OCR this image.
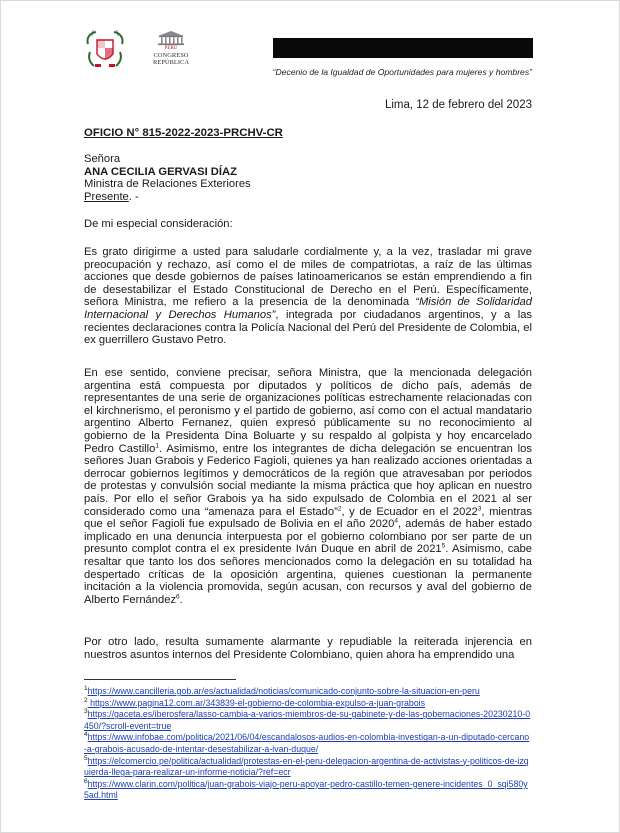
PERÚ
CONGRESO
REPÚBLICA
“Decenio de la Igualdad de Oportunidades para mujeres y hombres”
Lima, 12 de febrero del 2023
OFICIO N° 815-2022-2023-PRCHV-CR
Señora
ANA CECILIA GERVASI DÍAZ
Ministra de Relaciones Exteriores
Presente. -
De mi especial consideración:

Es grato dirigirme a usted para saludarle cordialmente y, a la vez, trasladar mi grave preocupación y rechazo, así como el de miles de compatriotas, a raíz de las últimas acciones que desde gobiernos de países latinoamericanos se están emprendiendo a fin de desestabilizar el Estado Constitucional de Derecho en el Perú. Específicamente, señora Ministra, me refiero a la presencia de la denominada “Misión de Solidaridad Internacional y Derechos Humanos”, integrada por ciudadanos argentinos, y a las recientes declaraciones contra la Policía Nacional del Perú del Presidente de Colombia, el ex guerrillero Gustavo Petro.

En ese sentido, conviene precisar, señora Ministra, que la mencionada delegación argentina está compuesta por diputados y políticos de dicho país, además de representantes de una serie de organizaciones políticas estrechamente relacionadas con el kirchnerismo, el peronismo y el partido de gobierno, así como con el actual mandatario argentino Alberto Fernanez, quien expresó públicamente su no reconocimiento al gobierno de la Presidenta Dina Boluarte y su respaldo al golpista y hoy encarcelado Pedro Castillo$^1$. Asimismo, entre los integrantes de dicha delegación se encuentran los señores Juan Grabois y Federico Fagioli, quienes ya han realizado acciones orientadas a derrocar gobiernos legítimos y democráticos de la región que atravesaban por periodos de protestas y convulsión social mediante la misma práctica que hoy aplican en nuestro país. Por ello el señor Grabois ya ha sido expulsado de Colombia en el 2021 al ser considerado como una “amenaza para el Estado”$^2$, y de Ecuador en el 2022$^3$, mientras que el señor Fagioli fue expulsado de Bolivia en el año 2020$^4$, además de haber estado implicado en una denuncia interpuesta por el gobierno colombiano por ser parte de un presunto complot contra el ex presidente Iván Duque en abril de 2021$^5$. Asimismo, cabe resaltar que tanto los dos señores mencionados como la delegación en su totalidad ha despertado críticas de la oposición argentina, quienes cuestionan la permanente incitación a la violencia promovida, según acusan, con recursos y aval del gobierno de Alberto Fernández$^6$.

Por otro lado, resulta sumamente alarmante y repudiable la reiterada injerencia en nuestros asuntos internos del Presidente Colombiano, quien ahora ha emprendido una

$^1$https://www.cancilleria.gob.ar/es/actualidad/noticias/comunicado-conjunto-sobre-la-situacion-en-peru
$^2$ https://www.pagina12.com.ar/343839-el-gobierno-de-colombia-expulso-a-juan-grabois
$^3$https://gaceta.es/iberosfera/lasso-cambia-a-varios-miembros-de-su-gabinete-y-de-las-gobernaciones-20230210-0450/?scroll-event=true
$^4$https://www.infobae.com/politica/2021/06/04/escandalosos-audios-en-colombia-investigan-a-un-diputado-cercano-a-grabois-acusado-de-intentar-desestabilizar-a-ivan-duque/
$^5$https://elcomercio.pe/politica/actualidad/protestas-en-el-peru-delegacion-argentina-de-activistas-y-politicos-de-izquierda-llega-para-realizar-un-informe-noticia/?ref=ecr
$^6$https://www.clarin.com/politica/juan-grabois-viajo-peru-apoyar-pedro-castillo-temen-genere-incidentes_0_sqi580y5ad.html
